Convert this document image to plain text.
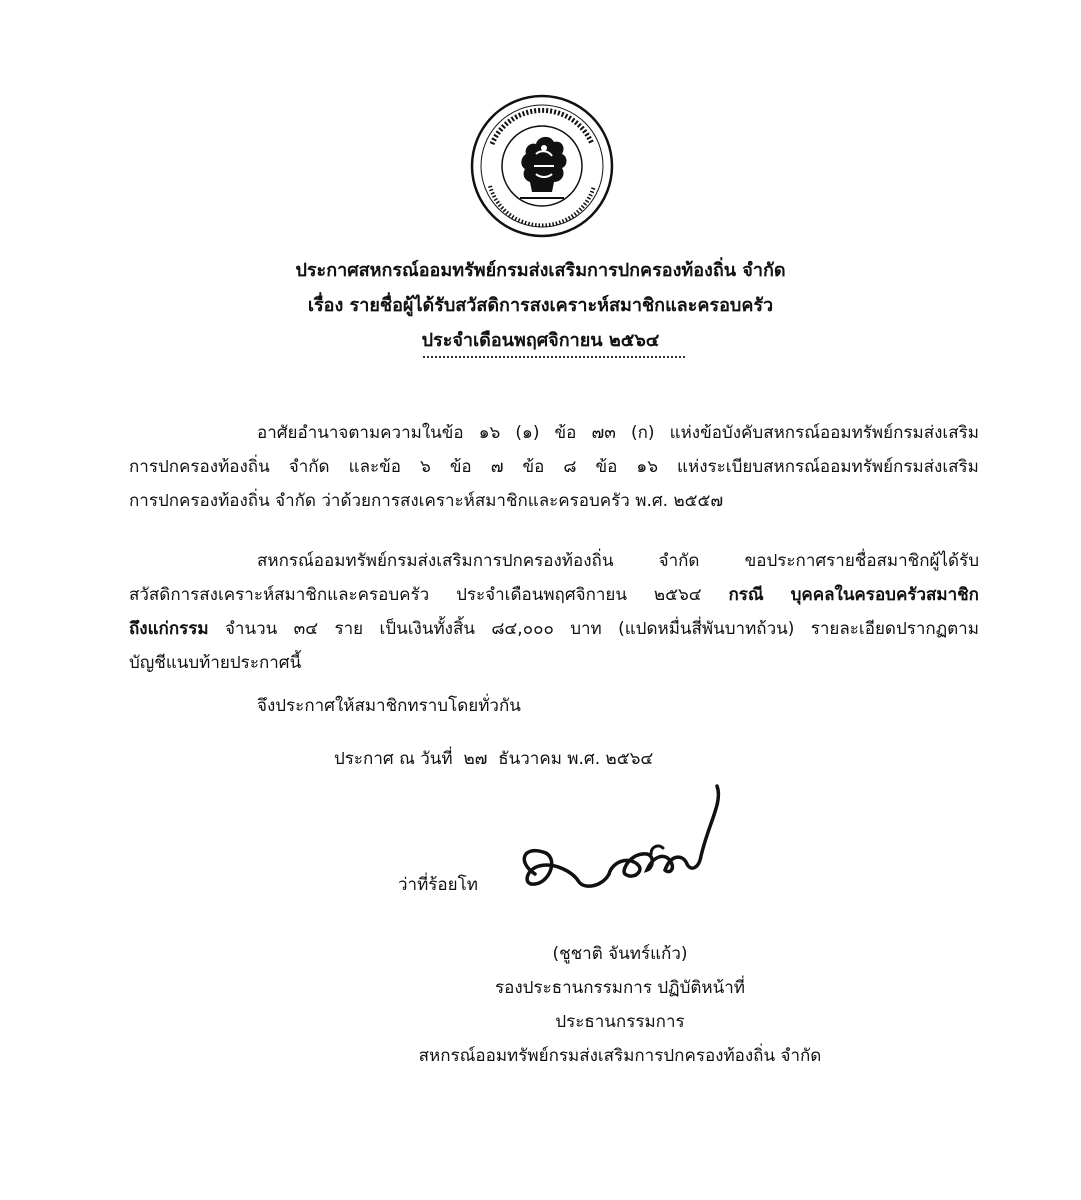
ประกาศสหกรณ์ออมทรัพย์กรมส่งเสริมการปกครองท้องถิ่น จำกัด
เรื่อง รายชื่อผู้ได้รับสวัสดิการสงเคราะห์สมาชิกและครอบครัว
ประจำเดือนพฤศจิกายน ๒๕๖๔
อาศัยอำนาจตามความในข้อ ๑๖ (๑) ข้อ ๗๓ (ก) แห่งข้อบังคับสหกรณ์ออมทรัพย์กรมส่งเสริม
การปกครองท้องถิ่น จำกัด และข้อ ๖ ข้อ ๗ ข้อ ๘ ข้อ ๑๖ แห่งระเบียบสหกรณ์ออมทรัพย์กรมส่งเสริม
การปกครองท้องถิ่น จำกัด ว่าด้วยการสงเคราะห์สมาชิกและครอบครัว พ.ศ. ๒๕๕๗
สหกรณ์ออมทรัพย์กรมส่งเสริมการปกครองท้องถิ่น	จำกัด	ขอประกาศรายชื่อสมาชิกผู้ได้รับ
สวัสดิการสงเคราะห์สมาชิกและครอบครัว ประจำเดือนพฤศจิกายน ๒๕๖๔ กรณี บุคคลในครอบครัวสมาชิก
ถึงแก่กรรม จำนวน ๓๔ ราย เป็นเงินทั้งสิ้น ๘๔,๐๐๐ บาท (แปดหมื่นสี่พันบาทถ้วน) รายละเอียดปรากฏตาม
บัญชีแนบท้ายประกาศนี้
จึงประกาศให้สมาชิกทราบโดยทั่วกัน
ประกาศ ณ วันที่  ๒๗  ธันวาคม พ.ศ. ๒๕๖๔
ว่าที่ร้อยโท
(ชูชาติ จันทร์แก้ว)
รองประธานกรรมการ ปฏิบัติหน้าที่
ประธานกรรมการ
สหกรณ์ออมทรัพย์กรมส่งเสริมการปกครองท้องถิ่น จำกัด
